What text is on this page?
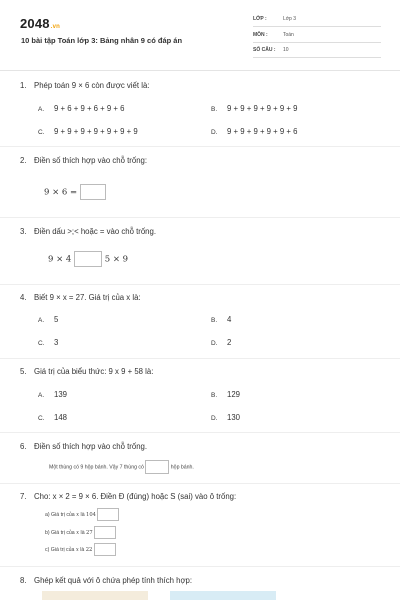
2048.vn
10 bài tập Toán lớp 3: Bảng nhân 9 có đáp án
LỚP :	Lớp 3
MÔN :	Toán
SỐ CÂU : 10
1. Phép toán 9 × 6 còn được viết là:
A. 9 + 6 + 9 + 6 + 9 + 6	B. 9 + 9 + 9 + 9 + 9 + 9
C. 9 + 9 + 9 + 9 + 9 + 9 + 9	D. 9 + 9 + 9 + 9 + 9 + 6
2. Điền số thích hợp vào chỗ trống:
9 × 6 =
3. Điền dấu >;< hoặc = vào chỗ trống.
9 × 4	5 × 9
4. Biết 9 × x = 27. Giá trị của x là:
A. 5	B. 4
C. 3	D. 2
5. Giá trị của biểu thức: 9 x 9 + 58 là:
A. 139	B. 129
C. 148	D. 130
6. Điền số thích hợp vào chỗ trống.
Một thùng có 9 hộp bánh. Vậy 7 thùng có	hộp bánh.
7. Cho: x × 2 = 9 × 6. Điền Đ (đúng) hoặc S (sai) vào ô trống:
a) Giá trị của x là 104
b) Giá trị của x là 27
c) Giá trị của x là 22
8. Ghép kết quả với ô chứa phép tính thích hợp:
